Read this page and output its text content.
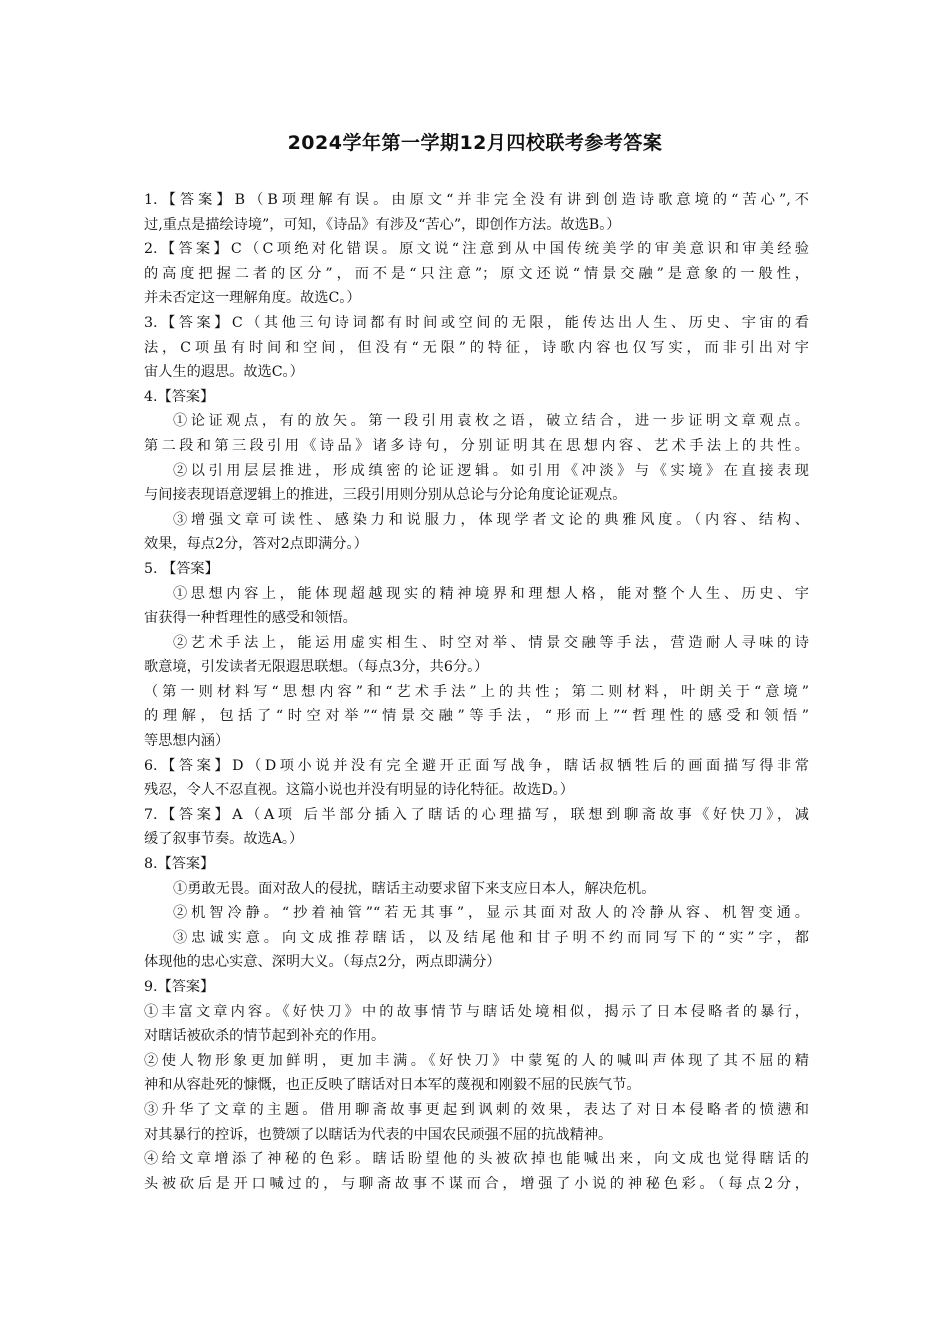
2024学年第一学期12月四校联考参考答案
1.【答案】B（B项理解有误。由原文“并非完全没有讲到创造诗歌意境的“苦心”,不
过,重点是描绘诗境”，可知，《诗品》有涉及“苦心”，即创作方法。故选B。）
2.【答案】C（C项绝对化错误。原文说“注意到从中国传统美学的审美意识和审美经验
的高度把握二者的区分”，而不是“只注意”；原文还说“情景交融”是意象的一般性，
并未否定这一理解角度。故选C。）
3.【答案】C（其他三句诗词都有时间或空间的无限，能传达出人生、历史、宇宙的看
法，C项虽有时间和空间，但没有“无限”的特征，诗歌内容也仅写实，而非引出对宇
宙人生的遐思。故选C。）
4.【答案】
①论证观点，有的放矢。第一段引用袁枚之语，破立结合，进一步证明文章观点。
第二段和第三段引用《诗品》诸多诗句，分别证明其在思想内容、艺术手法上的共性。
②以引用层层推进，形成缜密的论证逻辑。如引用《冲淡》与《实境》在直接表现
与间接表现语意逻辑上的推进，三段引用则分别从总论与分论角度论证观点。
③增强文章可读性、感染力和说服力，体现学者文论的典雅风度。（内容、结构、
效果，每点2分，答对2点即满分。）
5. 【答案】
①思想内容上，能体现超越现实的精神境界和理想人格，能对整个人生、历史、宇
宙获得一种哲理性的感受和领悟。
②艺术手法上，能运用虚实相生、时空对举、情景交融等手法，营造耐人寻味的诗
歌意境，引发读者无限遐思联想。（每点3分，共6分。）
（第一则材料写“思想内容”和“艺术手法”上的共性；第二则材料，叶朗关于“意境”
的理解，包括了“时空对举”“情景交融”等手法，“形而上”“哲理性的感受和领悟”
等思想内涵）
6.【答案】D（D项小说并没有完全避开正面写战争，瞎话叔牺牲后的画面描写得非常
残忍，令人不忍直视。这篇小说也并没有明显的诗化特征。故选D。）
7.【答案】A（A项 后半部分插入了瞎话的心理描写，联想到聊斋故事《好快刀》，减
缓了叙事节奏。故选A。）
8.【答案】
①勇敢无畏。面对敌人的侵扰，瞎话主动要求留下来支应日本人，解决危机。
②机智冷静。“抄着袖管”“若无其事”，显示其面对敌人的冷静从容、机智变通。
③忠诚实意。向文成推荐瞎话，以及结尾他和甘子明不约而同写下的“实”字，都
体现他的忠心实意、深明大义。（每点2分，两点即满分）
9.【答案】
①丰富文章内容。《好快刀》中的故事情节与瞎话处境相似，揭示了日本侵略者的暴行，
对瞎话被砍杀的情节起到补充的作用。
②使人物形象更加鲜明，更加丰满。《好快刀》中蒙冤的人的喊叫声体现了其不屈的精
神和从容赴死的慷慨，也正反映了瞎话对日本军的蔑视和刚毅不屈的民族气节。
③升华了文章的主题。借用聊斋故事更起到讽刺的效果，表达了对日本侵略者的愤懑和
对其暴行的控诉，也赞颂了以瞎话为代表的中国农民顽强不屈的抗战精神。
④给文章增添了神秘的色彩。瞎话盼望他的头被砍掉也能喊出来，向文成也觉得瞎话的
头被砍后是开口喊过的，与聊斋故事不谋而合，增强了小说的神秘色彩。（每点2分，
